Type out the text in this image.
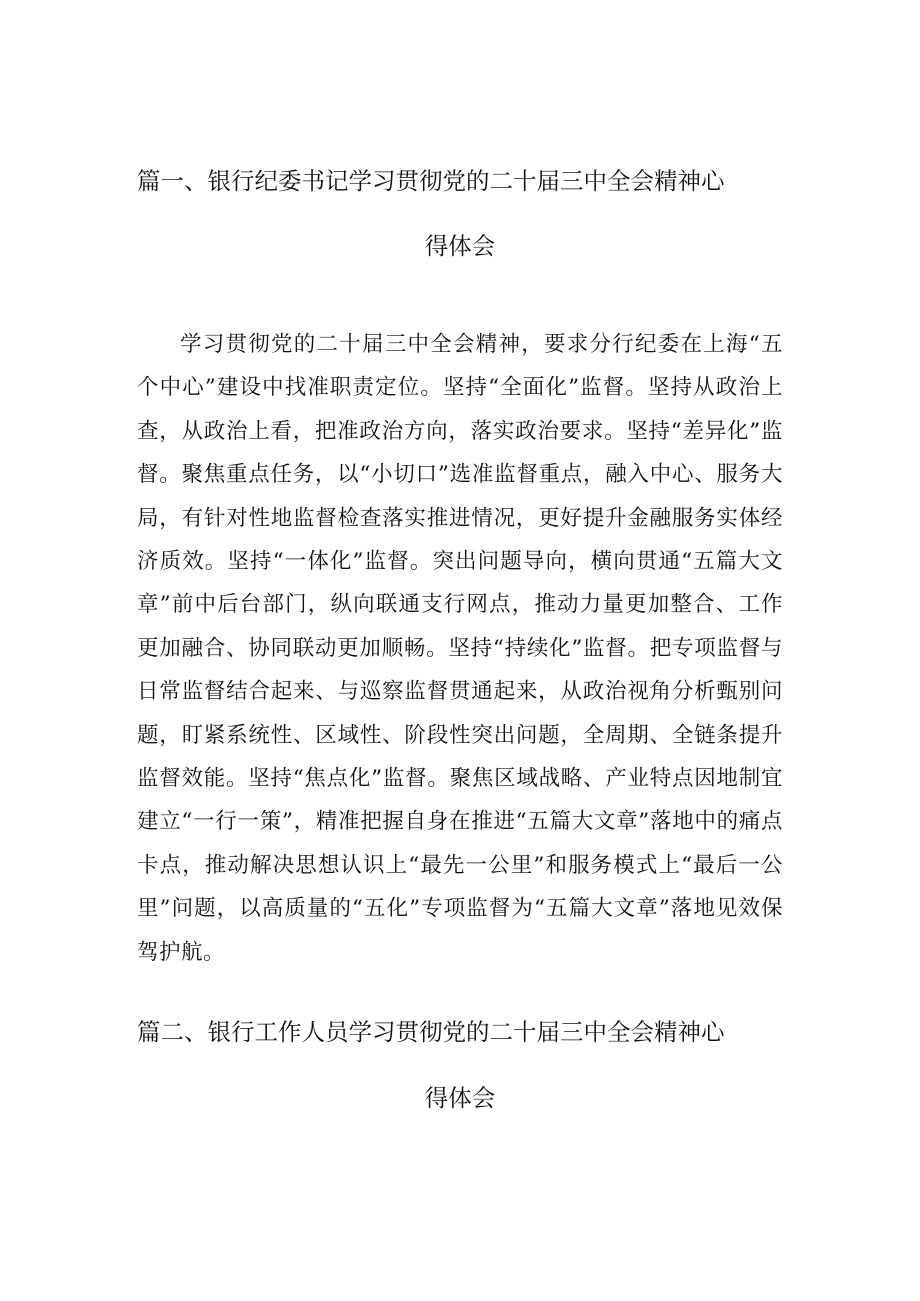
篇一、银行纪委书记学习贯彻党的二十届三中全会精神心
得体会

学习贯彻党的二十届三中全会精神，要求分行纪委在上海“五个中心”建设中找准职责定位。坚持“全面化”监督。坚持从政治上查，从政治上看，把准政治方向，落实政治要求。坚持“差异化”监督。聚焦重点任务，以“小切口”选准监督重点，融入中心、服务大局，有针对性地监督检查落实推进情况，更好提升金融服务实体经济质效。坚持“一体化”监督。突出问题导向，横向贯通“五篇大文章”前中后台部门，纵向联通支行网点，推动力量更加整合、工作更加融合、协同联动更加顺畅。坚持“持续化”监督。把专项监督与日常监督结合起来、与巡察监督贯通起来，从政治视角分析甄别问题，盯紧系统性、区域性、阶段性突出问题，全周期、全链条提升监督效能。坚持“焦点化”监督。聚焦区域战略、产业特点因地制宜建立“一行一策”，精准把握自身在推进“五篇大文章”落地中的痛点卡点，推动解决思想认识上“最先一公里”和服务模式上“最后一公里”问题，以高质量的“五化”专项监督为“五篇大文章”落地见效保驾护航。

篇二、银行工作人员学习贯彻党的二十届三中全会精神心
得体会
